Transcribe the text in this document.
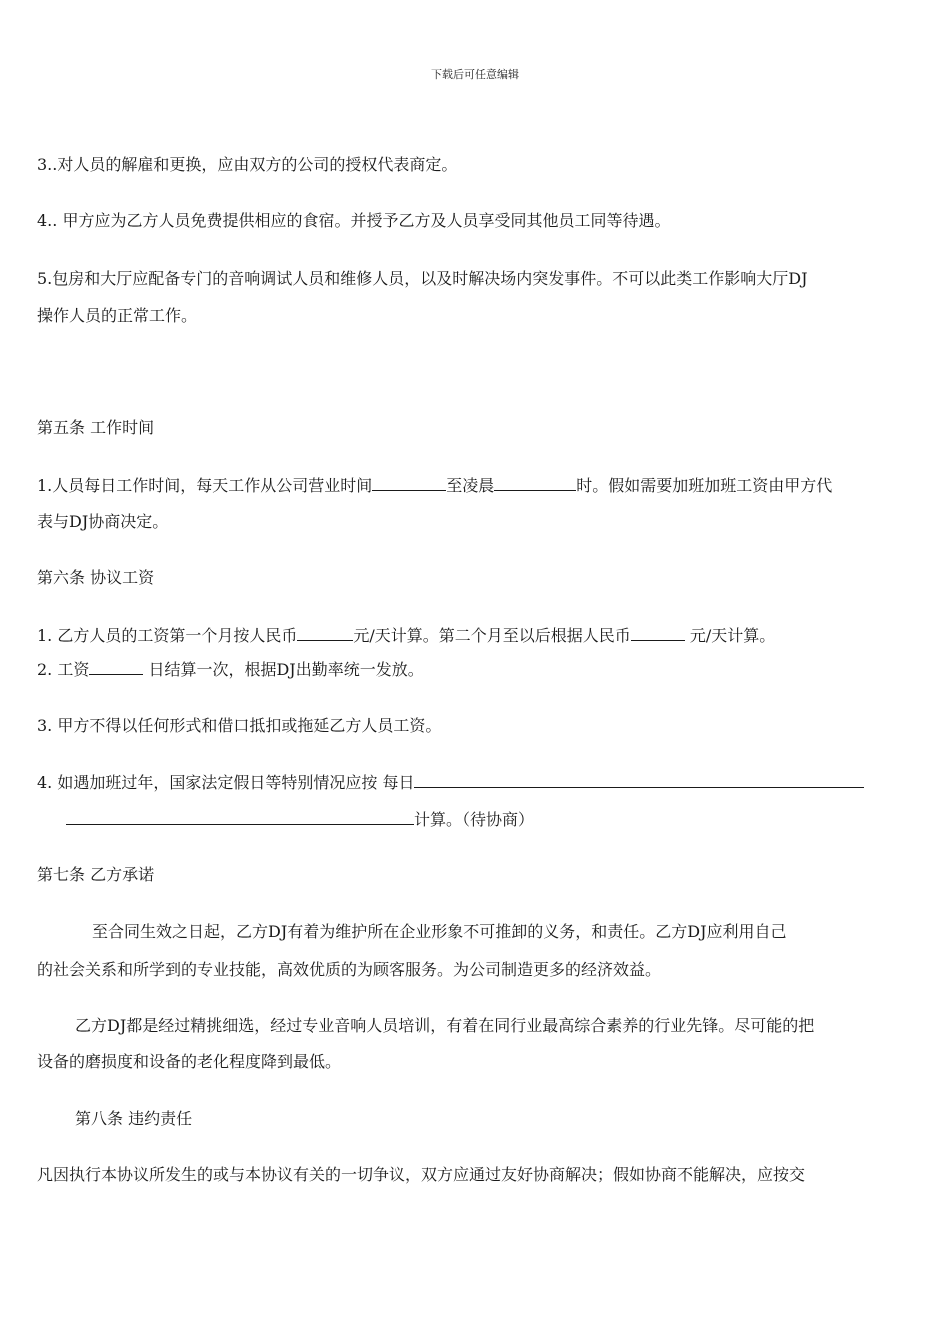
下载后可任意编辑
3..对人员的解雇和更换，应由双方的公司的授权代表商定。
4.. 甲方应为乙方人员免费提供相应的食宿。并授予乙方及人员享受同其他员工同等待遇。
5.包房和大厅应配备专门的音响调试人员和维修人员，以及时解决场内突发事件。不可以此类工作影响大厅DJ
操作人员的正常工作。
第五条 工作时间
1.人员每日工作时间，每天工作从公司营业时间	至凌晨	时。假如需要加班加班工资由甲方代
表与DJ协商决定。
第六条 协议工资
1. 乙方人员的工资第一个月按人民币	元/天计算。第二个月至以后根据人民币	元/天计算。
2. 工资	日结算一次，根据DJ出勤率统一发放。
3. 甲方不得以任何形式和借口抵扣或拖延乙方人员工资。
4. 如遇加班过年，国家法定假日等特别情况应按 每日
计算。（待协商）
第七条 乙方承诺
至合同生效之日起，乙方DJ有着为维护所在企业形象不可推卸的义务，和责任。乙方DJ应利用自己
的社会关系和所学到的专业技能，高效优质的为顾客服务。为公司制造更多的经济效益。
乙方DJ都是经过精挑细选，经过专业音响人员培训，有着在同行业最高综合素养的行业先锋。尽可能的把
设备的磨损度和设备的老化程度降到最低。
第八条 违约责任
凡因执行本协议所发生的或与本协议有关的一切争议，双方应通过友好协商解决；假如协商不能解决，应按交
